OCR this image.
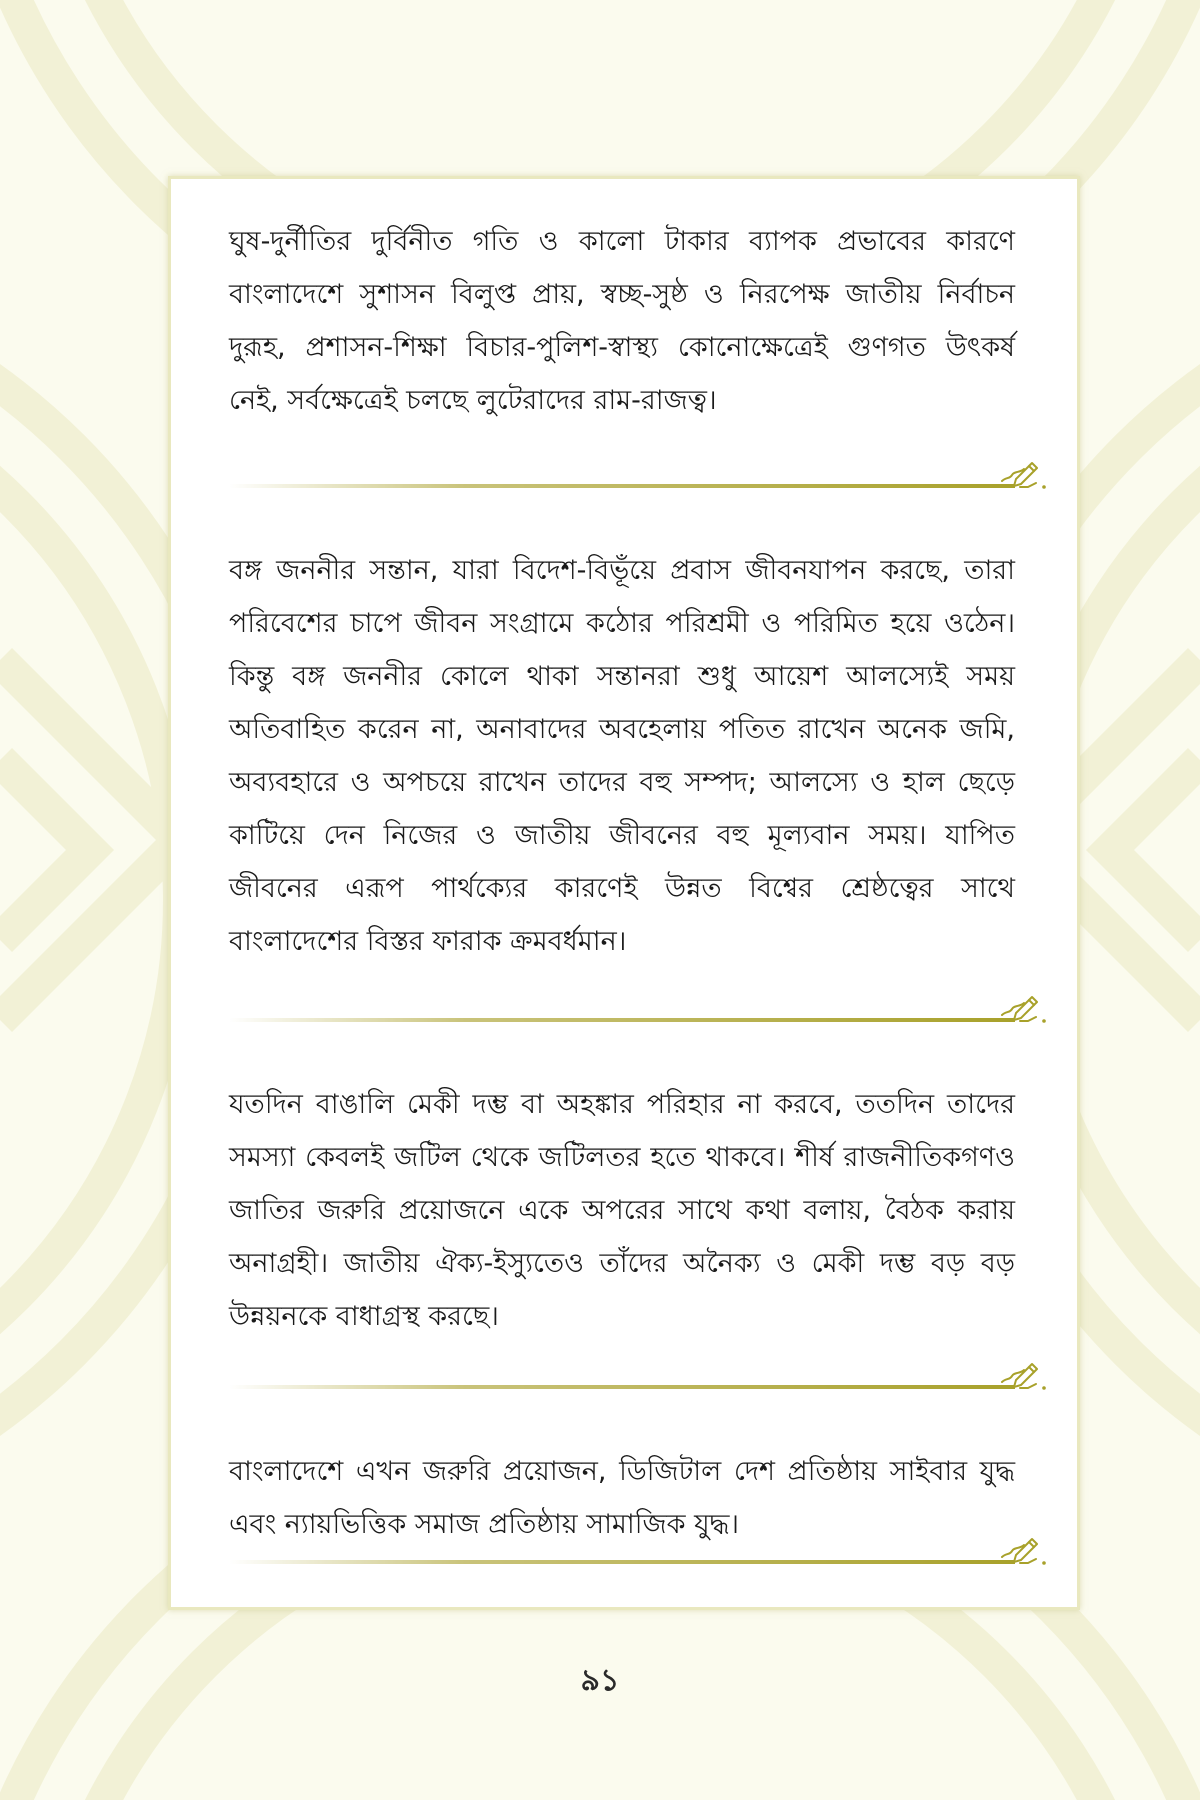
ঘুষ-দুর্নীতির দুর্বিনীত গতি ও কালো টাকার ব্যাপক প্রভাবের কারণে বাংলাদেশে সুশাসন বিলুপ্ত প্রায়, স্বচ্ছ-সুষ্ঠ ও নিরপেক্ষ জাতীয় নির্বাচন দুরূহ, প্রশাসন-শিক্ষা বিচার-পুলিশ-স্বাস্থ্য কোনোক্ষেত্রেই গুণগত উৎকর্ষ নেই, সর্বক্ষেত্রেই চলছে লুটেরাদের রাম-রাজত্ব।

বঙ্গ জননীর সন্তান, যারা বিদেশ-বিভূঁয়ে প্রবাস জীবনযাপন করছে, তারা পরিবেশের চাপে জীবন সংগ্রামে কঠোর পরিশ্রমী ও পরিমিত হয়ে ওঠেন। কিন্তু বঙ্গ জননীর কোলে থাকা সন্তানরা শুধু আয়েশ আলস্যেই সময় অতিবাহিত করেন না, অনাবাদের অবহেলায় পতিত রাখেন অনেক জমি, অব্যবহারে ও অপচয়ে রাখেন তাদের বহু সম্পদ; আলস্যে ও হাল ছেড়ে কাটিয়ে দেন নিজের ও জাতীয় জীবনের বহু মূল্যবান সময়। যাপিত জীবনের এরূপ পার্থক্যের কারণেই উন্নত বিশ্বের শ্রেষ্ঠত্বের সাথে বাংলাদেশের বিস্তর ফারাক ক্রমবর্ধমান।

যতদিন বাঙালি মেকী দম্ভ বা অহঙ্কার পরিহার না করবে, ততদিন তাদের সমস্যা কেবলই জটিল থেকে জটিলতর হতে থাকবে। শীর্ষ রাজনীতিকগণও জাতির জরুরি প্রয়োজনে একে অপরের সাথে কথা বলায়, বৈঠক করায় অনাগ্রহী। জাতীয় ঐক্য-ইস্যুতেও তাঁদের অনৈক্য ও মেকী দম্ভ বড় বড় উন্নয়নকে বাধাগ্রস্থ করছে।

বাংলাদেশে এখন জরুরি প্রয়োজন, ডিজিটাল দেশ প্রতিষ্ঠায় সাইবার যুদ্ধ এবং ন্যায়ভিত্তিক সমাজ প্রতিষ্ঠায় সামাজিক যুদ্ধ।

৯১
